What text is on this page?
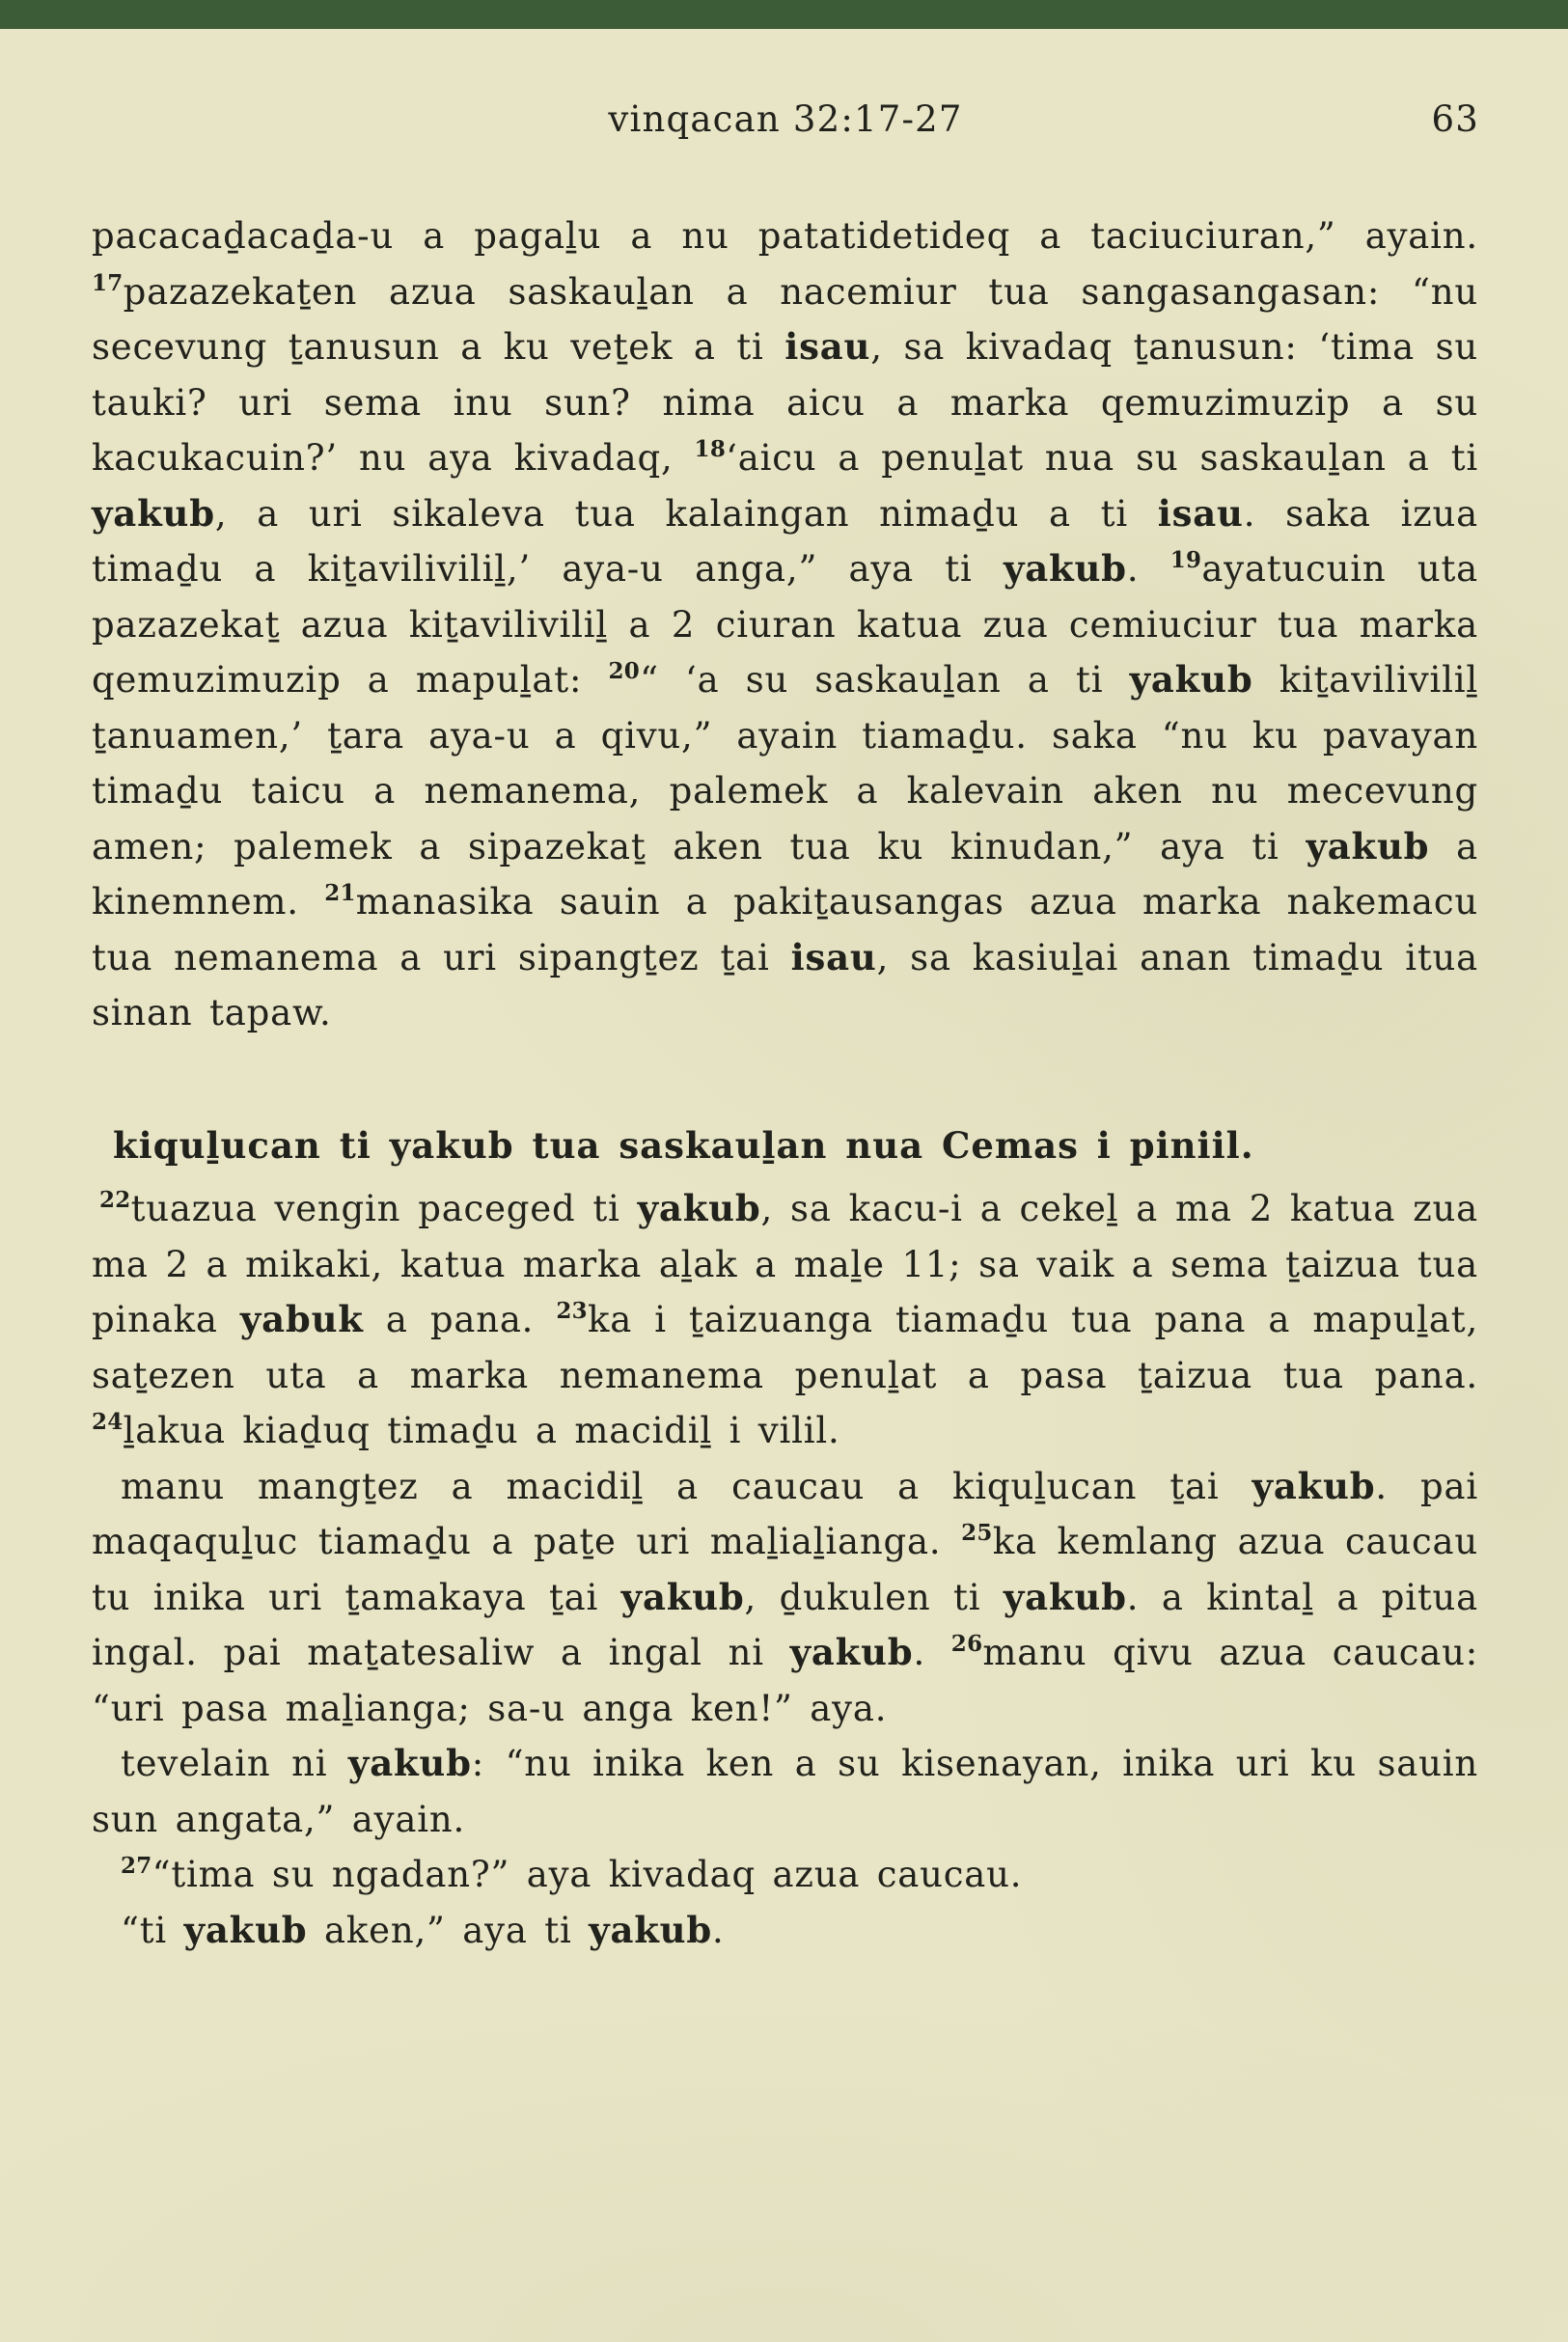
vinqacan 32:17-27	63

pacacaḏacaḏa-u a pagaḻu a nu patatidetideq a taciuciuran,” ayain. $^{17}$pazazekaṯen azua saskauḻan a nacemiur tua sangasangasan: “nu secevung ṯanusun a ku veṯek a ti isau, sa kivadaq ṯanusun: ‘tima su tauki? uri sema inu sun? nima aicu a marka qemuzimuzip a su kacukacuin?’ nu aya kivadaq, $^{18}$‘aicu a penuḻat nua su saskauḻan a ti yakub, a uri sikaleva tua kalaingan nimaḏu a ti isau. saka izua timaḏu a kiṯaviliviliḻ,’ aya-u anga,” aya ti yakub. $^{19}$ayatucuin uta pazazekaṯ azua kiṯaviliviliḻ a 2 ciuran katua zua cemiuciur tua marka qemuzimuzip a mapuḻat: $^{20}$“ ‘a su saskauḻan a ti yakub kiṯaviliviliḻ ṯanuamen,’ ṯara aya-u a qivu,” ayain tiamaḏu. saka “nu ku pavayan timaḏu taicu a nemanema, palemek a kalevain aken nu mecevung amen; palemek a sipazekaṯ aken tua ku kinudan,” aya ti yakub a kinemnem. $^{21}$manasika sauin a pakiṯausangas azua marka nakemacu tua nemanema a uri sipangṯez ṯai isau, sa kasiuḻai anan timaḏu itua sinan tapaw.

kiquḻucan ti yakub tua saskauḻan nua Cemas i piniil.

$^{22}$tuazua vengin paceged ti yakub, sa kacu-i a cekeḻ a ma 2 katua zua ma 2 a mikaki, katua marka aḻak a maḻe 11; sa vaik a sema ṯaizua tua pinaka yabuk a pana. $^{23}$ka i ṯaizuanga tiamaḏu tua pana a mapuḻat, saṯezen uta a marka nemanema penuḻat a pasa ṯaizua tua pana. $^{24}$ḻakua kiaḏuq timaḏu a macidiḻ i vilil.

manu mangṯez a macidiḻ a caucau a kiquḻucan ṯai yakub. pai maqaquḻuc tiamaḏu a paṯe uri maḻiaḻianga. $^{25}$ka kemlang azua caucau tu inika uri ṯamakaya ṯai yakub, ḏukulen ti yakub. a kintaḻ a pitua ingal. pai maṯatesaliw a ingal ni yakub. $^{26}$manu qivu azua caucau: “uri pasa maḻianga; sa-u anga ken!” aya.

tevelain ni yakub: “nu inika ken a su kisenayan, inika uri ku sauin sun angata,” ayain.

$^{27}$“tima su ngadan?” aya kivadaq azua caucau.

“ti yakub aken,” aya ti yakub.
